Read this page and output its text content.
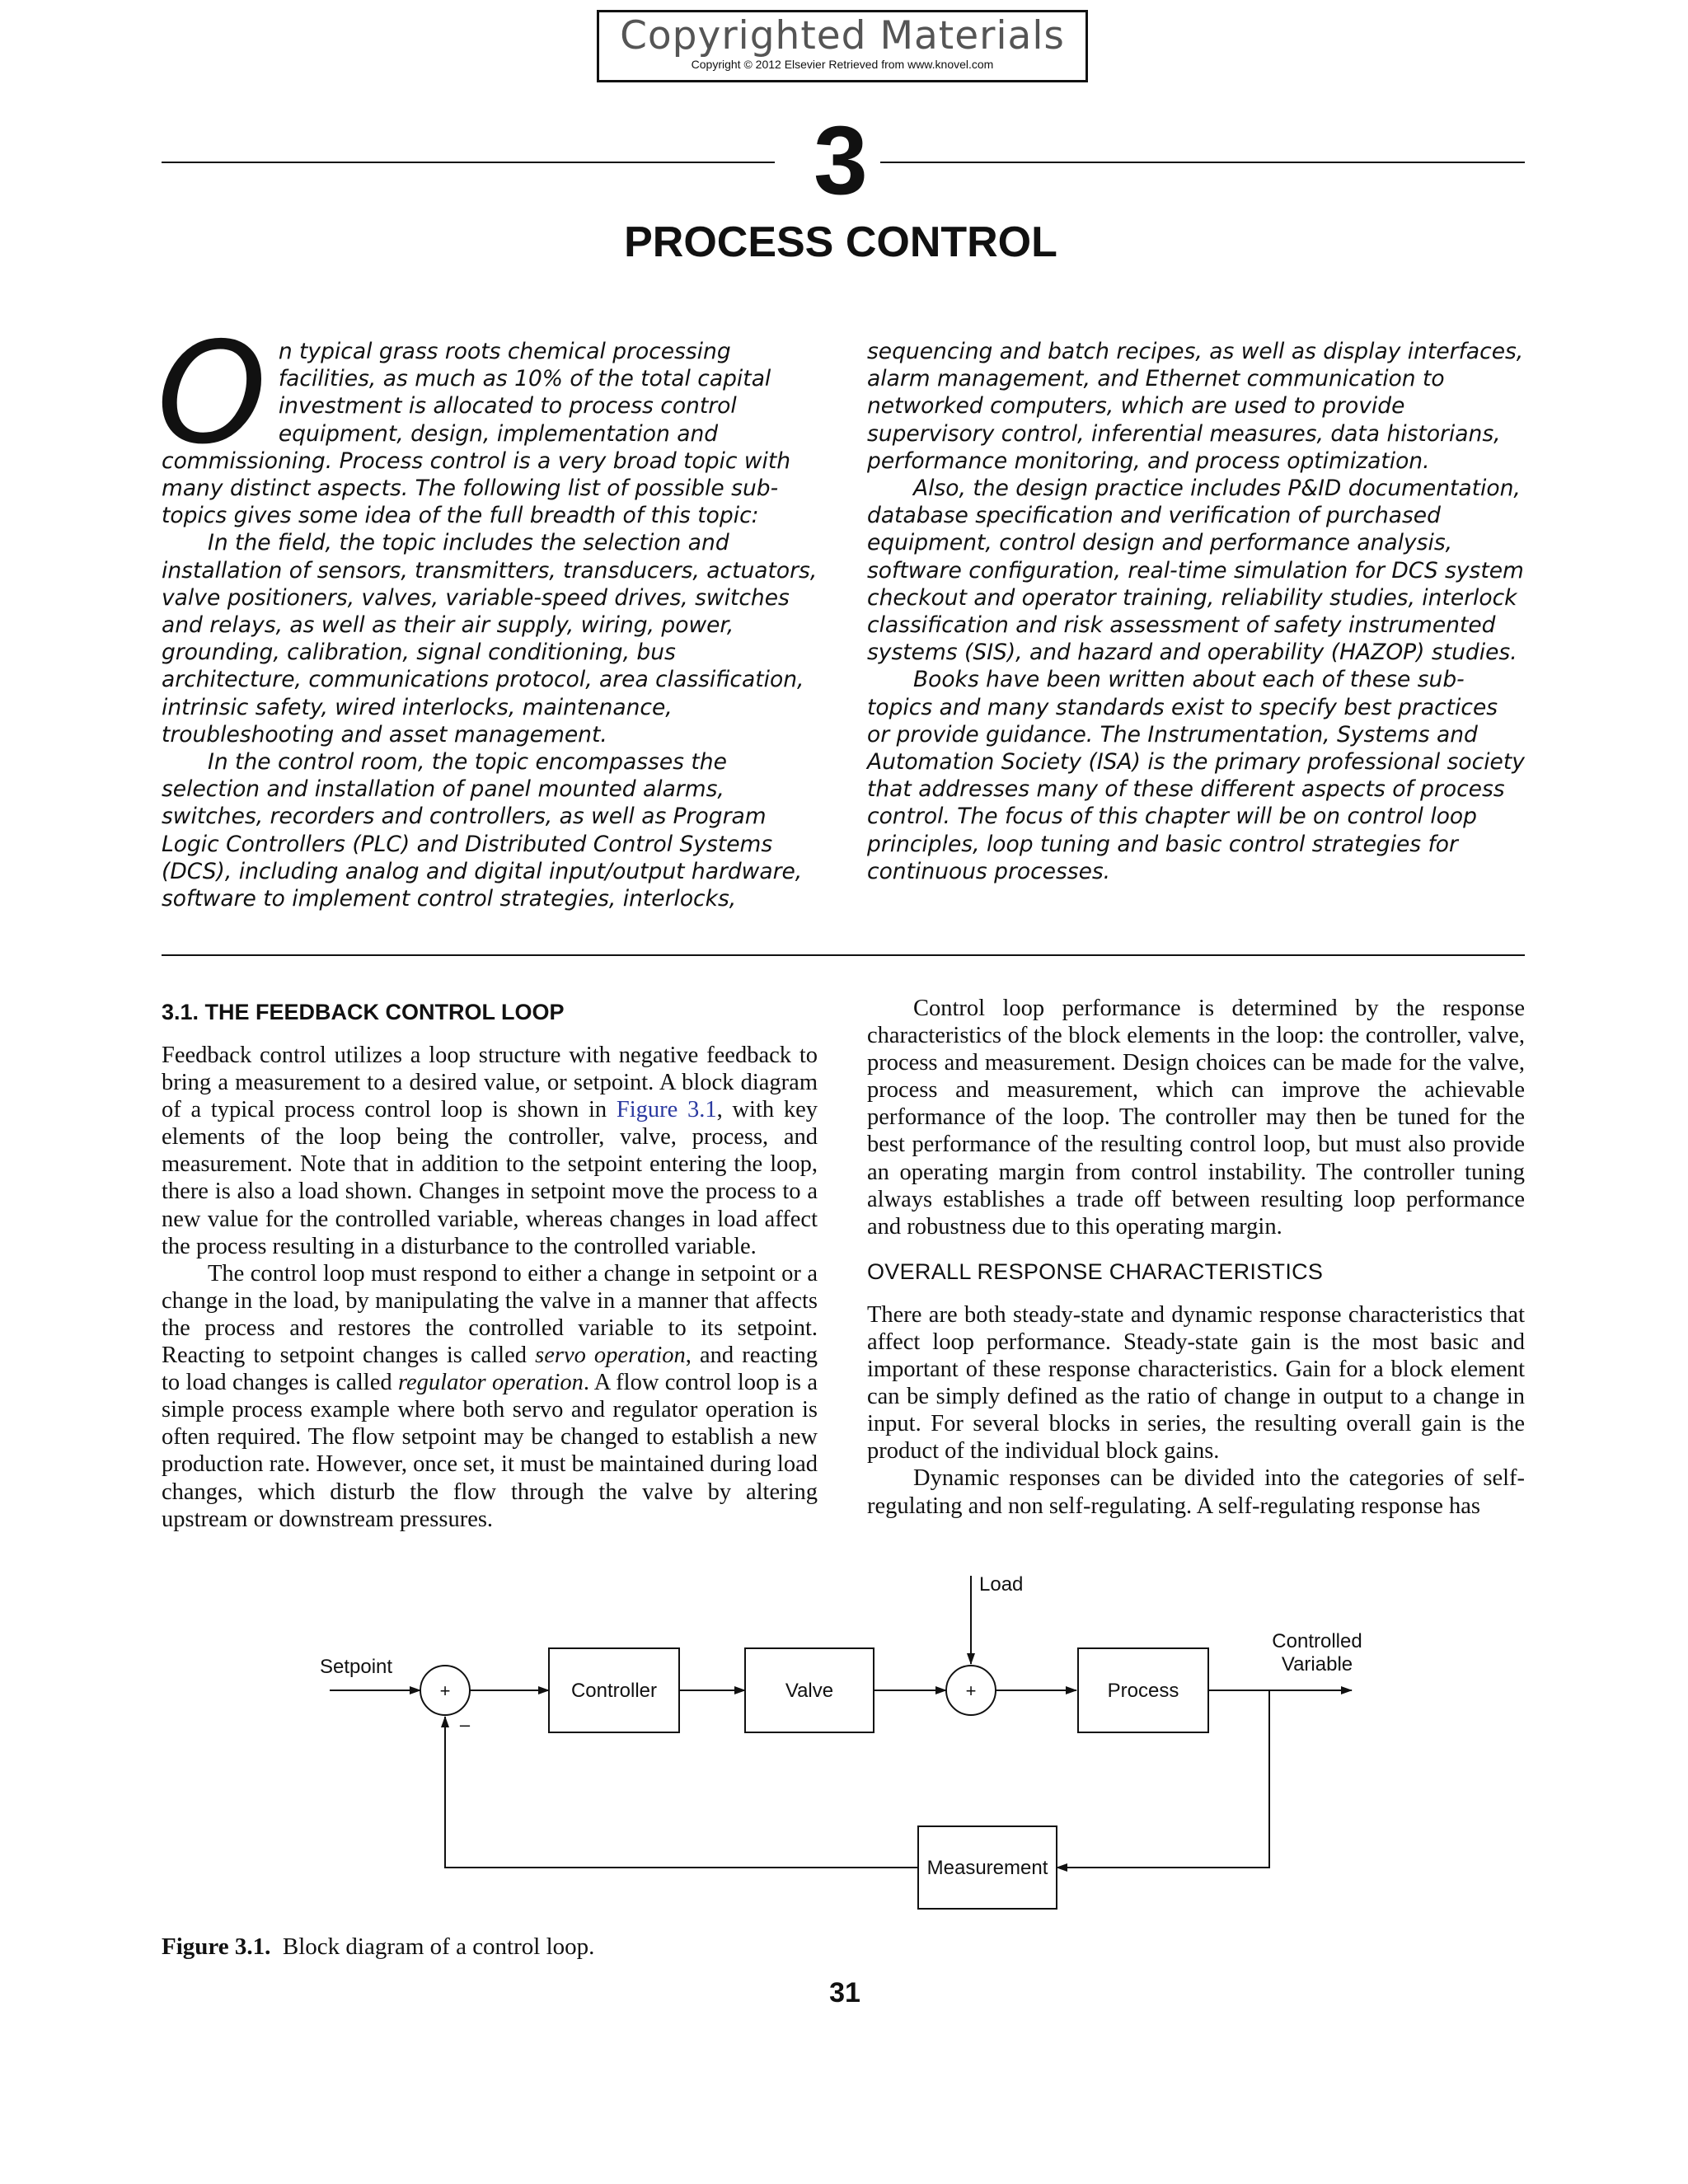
Copyrighted Materials
Copyright © 2012 Elsevier Retrieved from www.knovel.com
3
PROCESS CONTROL

On typical grass roots chemical processing facilities, as much as 10% of the total capital investment is allocated to process control equipment, design, implementation and commissioning. Process control is a very broad topic with many distinct aspects. The following list of possible sub-topics gives some idea of the full breadth of this topic:

In the field, the topic includes the selection and installation of sensors, transmitters, transducers, actuators, valve positioners, valves, variable-speed drives, switches and relays, as well as their air supply, wiring, power, grounding, calibration, signal conditioning, bus architecture, communications protocol, area classification, intrinsic safety, wired interlocks, maintenance, troubleshooting and asset management.

In the control room, the topic encompasses the selection and installation of panel mounted alarms, switches, recorders and controllers, as well as Program Logic Controllers (PLC) and Distributed Control Systems (DCS), including analog and digital input/output hardware, software to implement control strategies, interlocks,

sequencing and batch recipes, as well as display interfaces, alarm management, and Ethernet communication to networked computers, which are used to provide supervisory control, inferential measures, data historians, performance monitoring, and process optimization.

Also, the design practice includes P&ID documentation, database specification and verification of purchased equipment, control design and performance analysis, software configuration, real-time simulation for DCS system checkout and operator training, reliability studies, interlock classification and risk assessment of safety instrumented systems (SIS), and hazard and operability (HAZOP) studies.

Books have been written about each of these sub-topics and many standards exist to specify best practices or provide guidance. The Instrumentation, Systems and Automation Society (ISA) is the primary professional society that addresses many of these different aspects of process control. The focus of this chapter will be on control loop principles, loop tuning and basic control strategies for continuous processes.

3.1. THE FEEDBACK CONTROL LOOP

Feedback control utilizes a loop structure with negative feedback to bring a measurement to a desired value, or setpoint. A block diagram of a typical process control loop is shown in Figure 3.1, with key elements of the loop being the controller, valve, process, and measurement. Note that in addition to the setpoint entering the loop, there is also a load shown. Changes in setpoint move the process to a new value for the controlled variable, whereas changes in load affect the process resulting in a disturbance to the controlled variable.

The control loop must respond to either a change in setpoint or a change in the load, by manipulating the valve in a manner that affects the process and restores the controlled variable to its setpoint. Reacting to setpoint changes is called servo operation, and reacting to load changes is called regulator operation. A flow control loop is a simple process example where both servo and regulator operation is often required. The flow setpoint may be changed to establish a new production rate. However, once set, it must be maintained during load changes, which disturb the flow through the valve by altering upstream or downstream pressures.

Control loop performance is determined by the response characteristics of the block elements in the loop: the controller, valve, process and measurement. Design choices can be made for the valve, process and measurement, which can improve the achievable performance of the loop. The controller may then be tuned for the best performance of the resulting control loop, but must also provide an operating margin from control instability. The controller tuning always establishes a trade off between resulting loop performance and robustness due to this operating margin.

OVERALL RESPONSE CHARACTERISTICS

There are both steady-state and dynamic response characteristics that affect loop performance. Steady-state gain is the most basic and important of these response characteristics. Gain for a block element can be simply defined as the ratio of change in output to a change in input. For several blocks in series, the resulting overall gain is the product of the individual block gains.

Dynamic responses can be divided into the categories of self-regulating and non self-regulating. A self-regulating response has

Setpoint
Load
Controlled
Variable
Controller	Valve	Process
Measurement
+	+
–
Figure 3.1. Block diagram of a control loop.
31
